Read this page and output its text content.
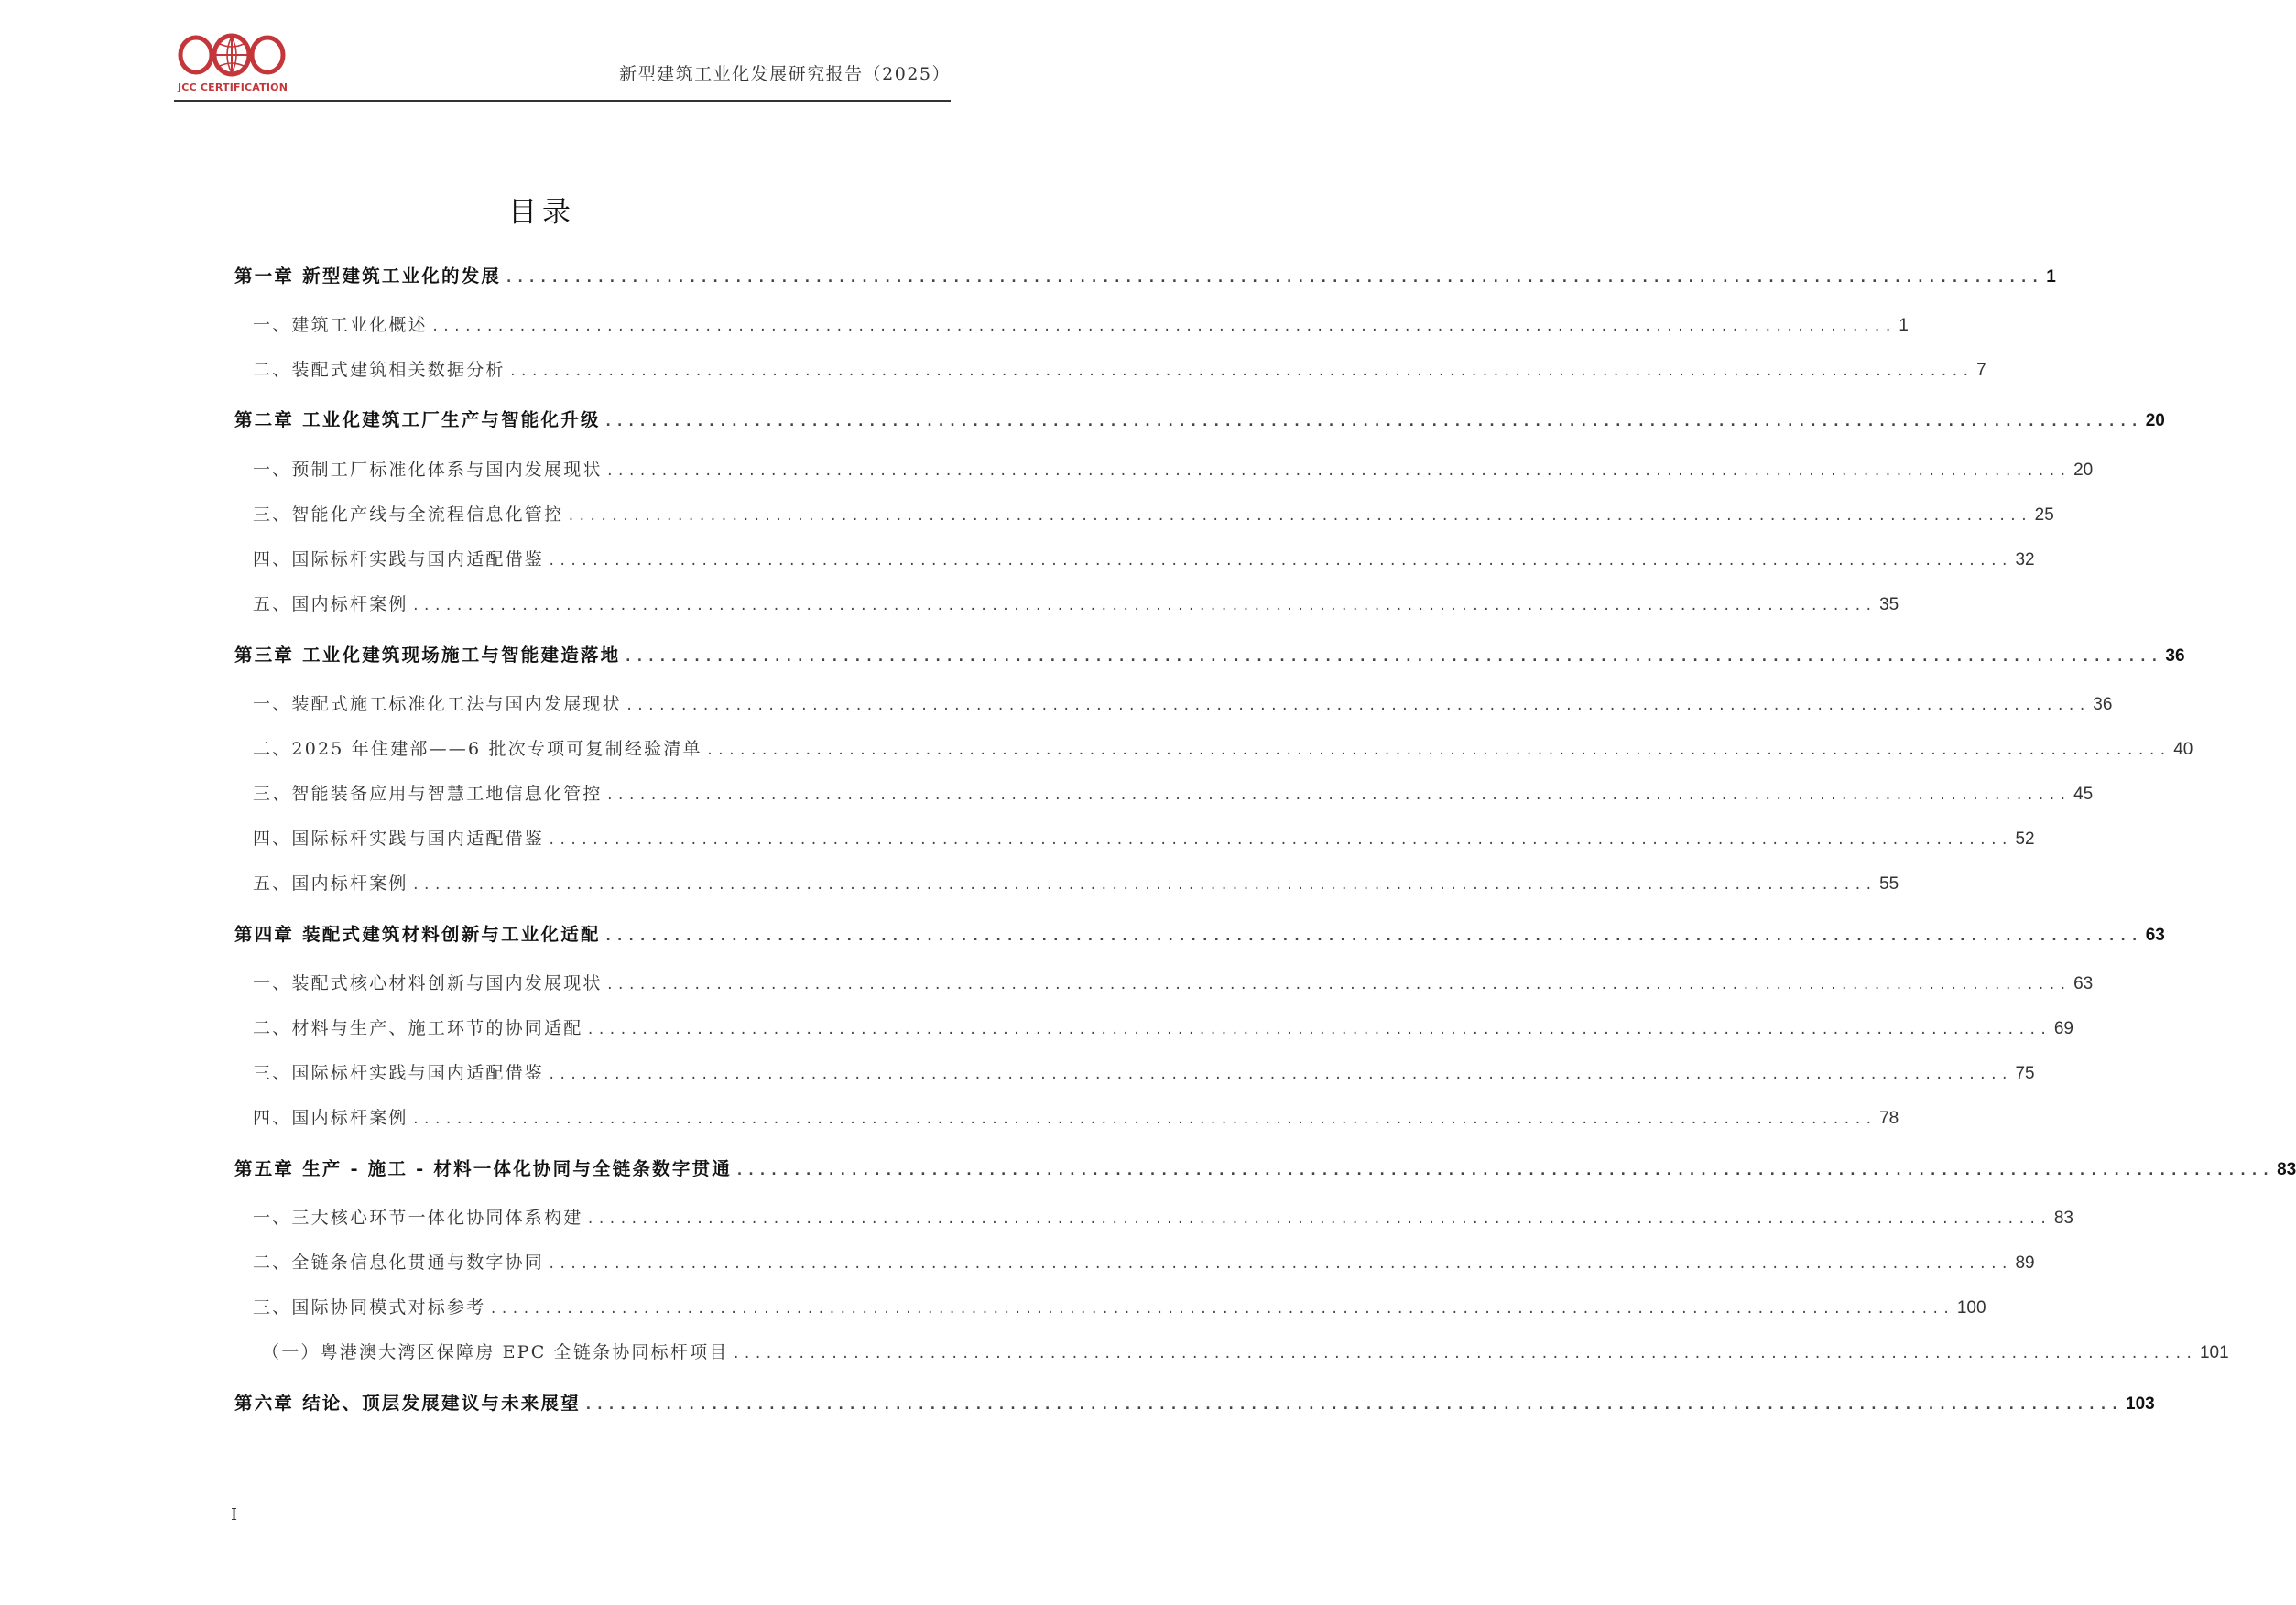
JCC CERTIFICATION
新型建筑工业化发展研究报告（2025）
目录
第一章 新型建筑工业化的发展 ...................................................................................................................................... 1
一、建筑工业化概述 ...................................................................................................................................... 1
二、装配式建筑相关数据分析 ...................................................................................................................................... 7
第二章 工业化建筑工厂生产与智能化升级 ...................................................................................................................................... 20
一、预制工厂标准化体系与国内发展现状 ...................................................................................................................................... 20
三、智能化产线与全流程信息化管控 ...................................................................................................................................... 25
四、国际标杆实践与国内适配借鉴 ...................................................................................................................................... 32
五、国内标杆案例 ...................................................................................................................................... 35
第三章 工业化建筑现场施工与智能建造落地 ...................................................................................................................................... 36
一、装配式施工标准化工法与国内发展现状 ...................................................................................................................................... 36
二、2025 年住建部——6 批次专项可复制经验清单 ...................................................................................................................................... 40
三、智能装备应用与智慧工地信息化管控 ...................................................................................................................................... 45
四、国际标杆实践与国内适配借鉴 ...................................................................................................................................... 52
五、国内标杆案例 ...................................................................................................................................... 55
第四章 装配式建筑材料创新与工业化适配 ...................................................................................................................................... 63
一、装配式核心材料创新与国内发展现状 ...................................................................................................................................... 63
二、材料与生产、施工环节的协同适配 ...................................................................................................................................... 69
三、国际标杆实践与国内适配借鉴 ...................................................................................................................................... 75
四、国内标杆案例 ...................................................................................................................................... 78
第五章 生产 - 施工 - 材料一体化协同与全链条数字贯通 ...................................................................................................................................... 83
一、三大核心环节一体化协同体系构建 ...................................................................................................................................... 83
二、全链条信息化贯通与数字协同 ...................................................................................................................................... 89
三、国际协同模式对标参考 ...................................................................................................................................... 100
（一）粤港澳大湾区保障房 EPC 全链条协同标杆项目 ...................................................................................................................................... 101
第六章 结论、顶层发展建议与未来展望 ...................................................................................................................................... 103
I
